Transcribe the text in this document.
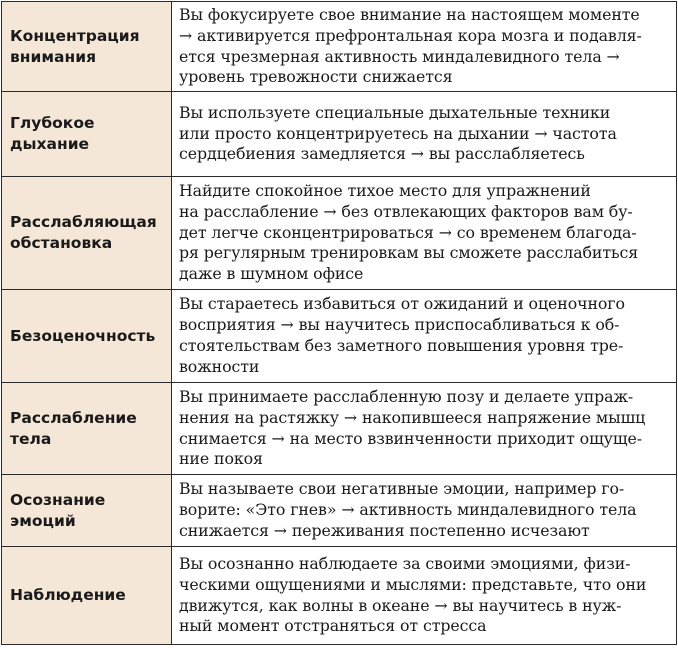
Концентрация
внимания	Вы фокусируете свое внимание на настоящем моменте
→ активируется префронтальная кора мозга и подавля-
ется чрезмерная активность миндалевидного тела →
уровень тревожности снижается

Глубокое
дыхание	Вы используете специальные дыхательные техники
или просто концентрируетесь на дыхании → частота
сердцебиения замедляется → вы расслабляетесь

Расслабляющая
обстановка	Найдите спокойное тихое место для упражнений
на расслабление → без отвлекающих факторов вам бу-
дет легче сконцентрироваться → со временем благода-
ря регулярным тренировкам вы сможете расслабиться
даже в шумном офисе

Безоценочность	Вы стараетесь избавиться от ожиданий и оценочного
восприятия → вы научитесь приспосабливаться к об-
стоятельствам без заметного повышения уровня тре-
вожности

Расслабление
тела	Вы принимаете расслабленную позу и делаете упраж-
нения на растяжку → накопившееся напряжение мышц
снимается → на место взвинченности приходит ощуще-
ние покоя

Осознание
эмоций	Вы называете свои негативные эмоции, например го-
ворите: «Это гнев» → активность миндалевидного тела
снижается → переживания постепенно исчезают

Наблюдение	Вы осознанно наблюдаете за своими эмоциями, физи-
ческими ощущениями и мыслями: представьте, что они
движутся, как волны в океане → вы научитесь в нуж-
ный момент отстраняться от стресса
